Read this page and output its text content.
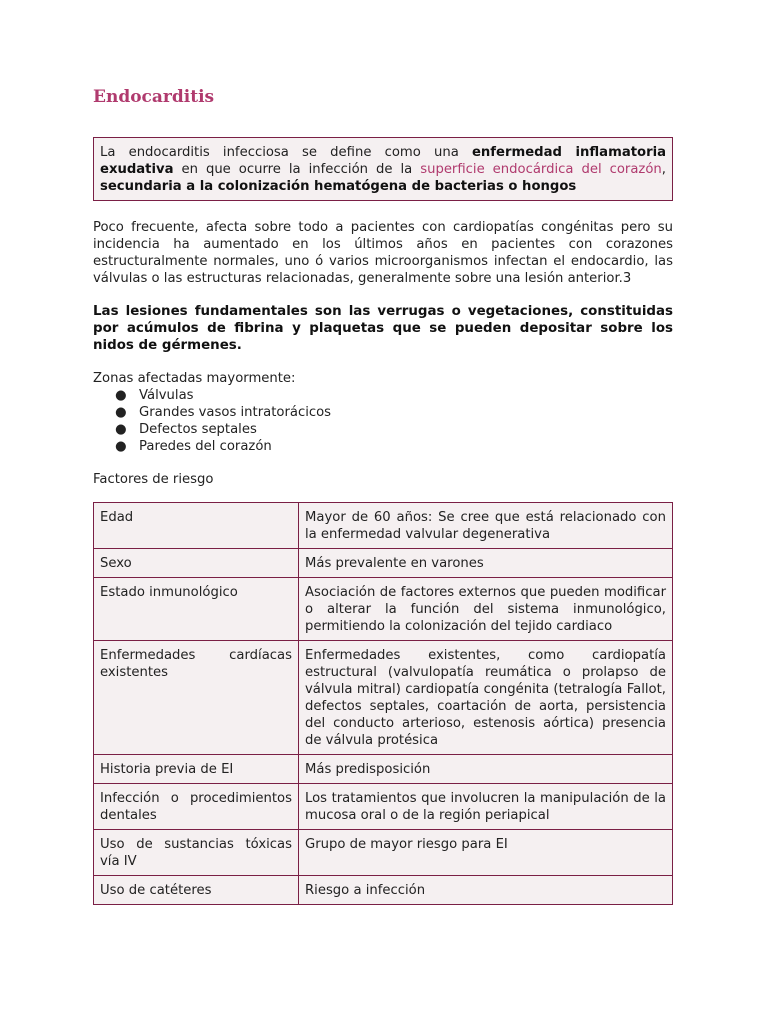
Endocarditis
La endocarditis infecciosa se define como una enfermedad inflamatoria exudativa en que ocurre la infección de la superficie endocárdica del corazón, secundaria a la colonización hematógena de bacterias o hongos

Poco frecuente, afecta sobre todo a pacientes con cardiopatías congénitas pero su incidencia ha aumentado en los últimos años en pacientes con corazones estructuralmente normales, uno ó varios microorganismos infectan el endocardio, las válvulas o las estructuras relacionadas, generalmente sobre una lesión anterior.3

Las lesiones fundamentales son las verrugas o vegetaciones, constituidas por acúmulos de fibrina y plaquetas que se pueden depositar sobre los nidos de gérmenes.

Zonas afectadas mayormente:
● Válvulas
● Grandes vasos intratorácicos
● Defectos septales
● Paredes del corazón
Factores de riesgo
Edad	Mayor de 60 años: Se cree que está relacionado con la enfermedad valvular degenerativa
Sexo	Más prevalente en varones
Estado inmunológico	Asociación de factores externos que pueden modificar o alterar la función del sistema inmunológico, permitiendo la colonización del tejido cardiaco
Enfermedades cardíacas existentes	Enfermedades existentes, como cardiopatía estructural (valvulopatía reumática o prolapso de válvula mitral) cardiopatía congénita (tetralogía Fallot, defectos septales, coartación de aorta, persistencia del conducto arterioso, estenosis aórtica) presencia de válvula protésica
Historia previa de EI	Más predisposición
Infección o procedimientos dentales	Los tratamientos que involucren la manipulación de la mucosa oral o de la región periapical
Uso de sustancias tóxicas vía IV	Grupo de mayor riesgo para EI
Uso de catéteres	Riesgo a infección
